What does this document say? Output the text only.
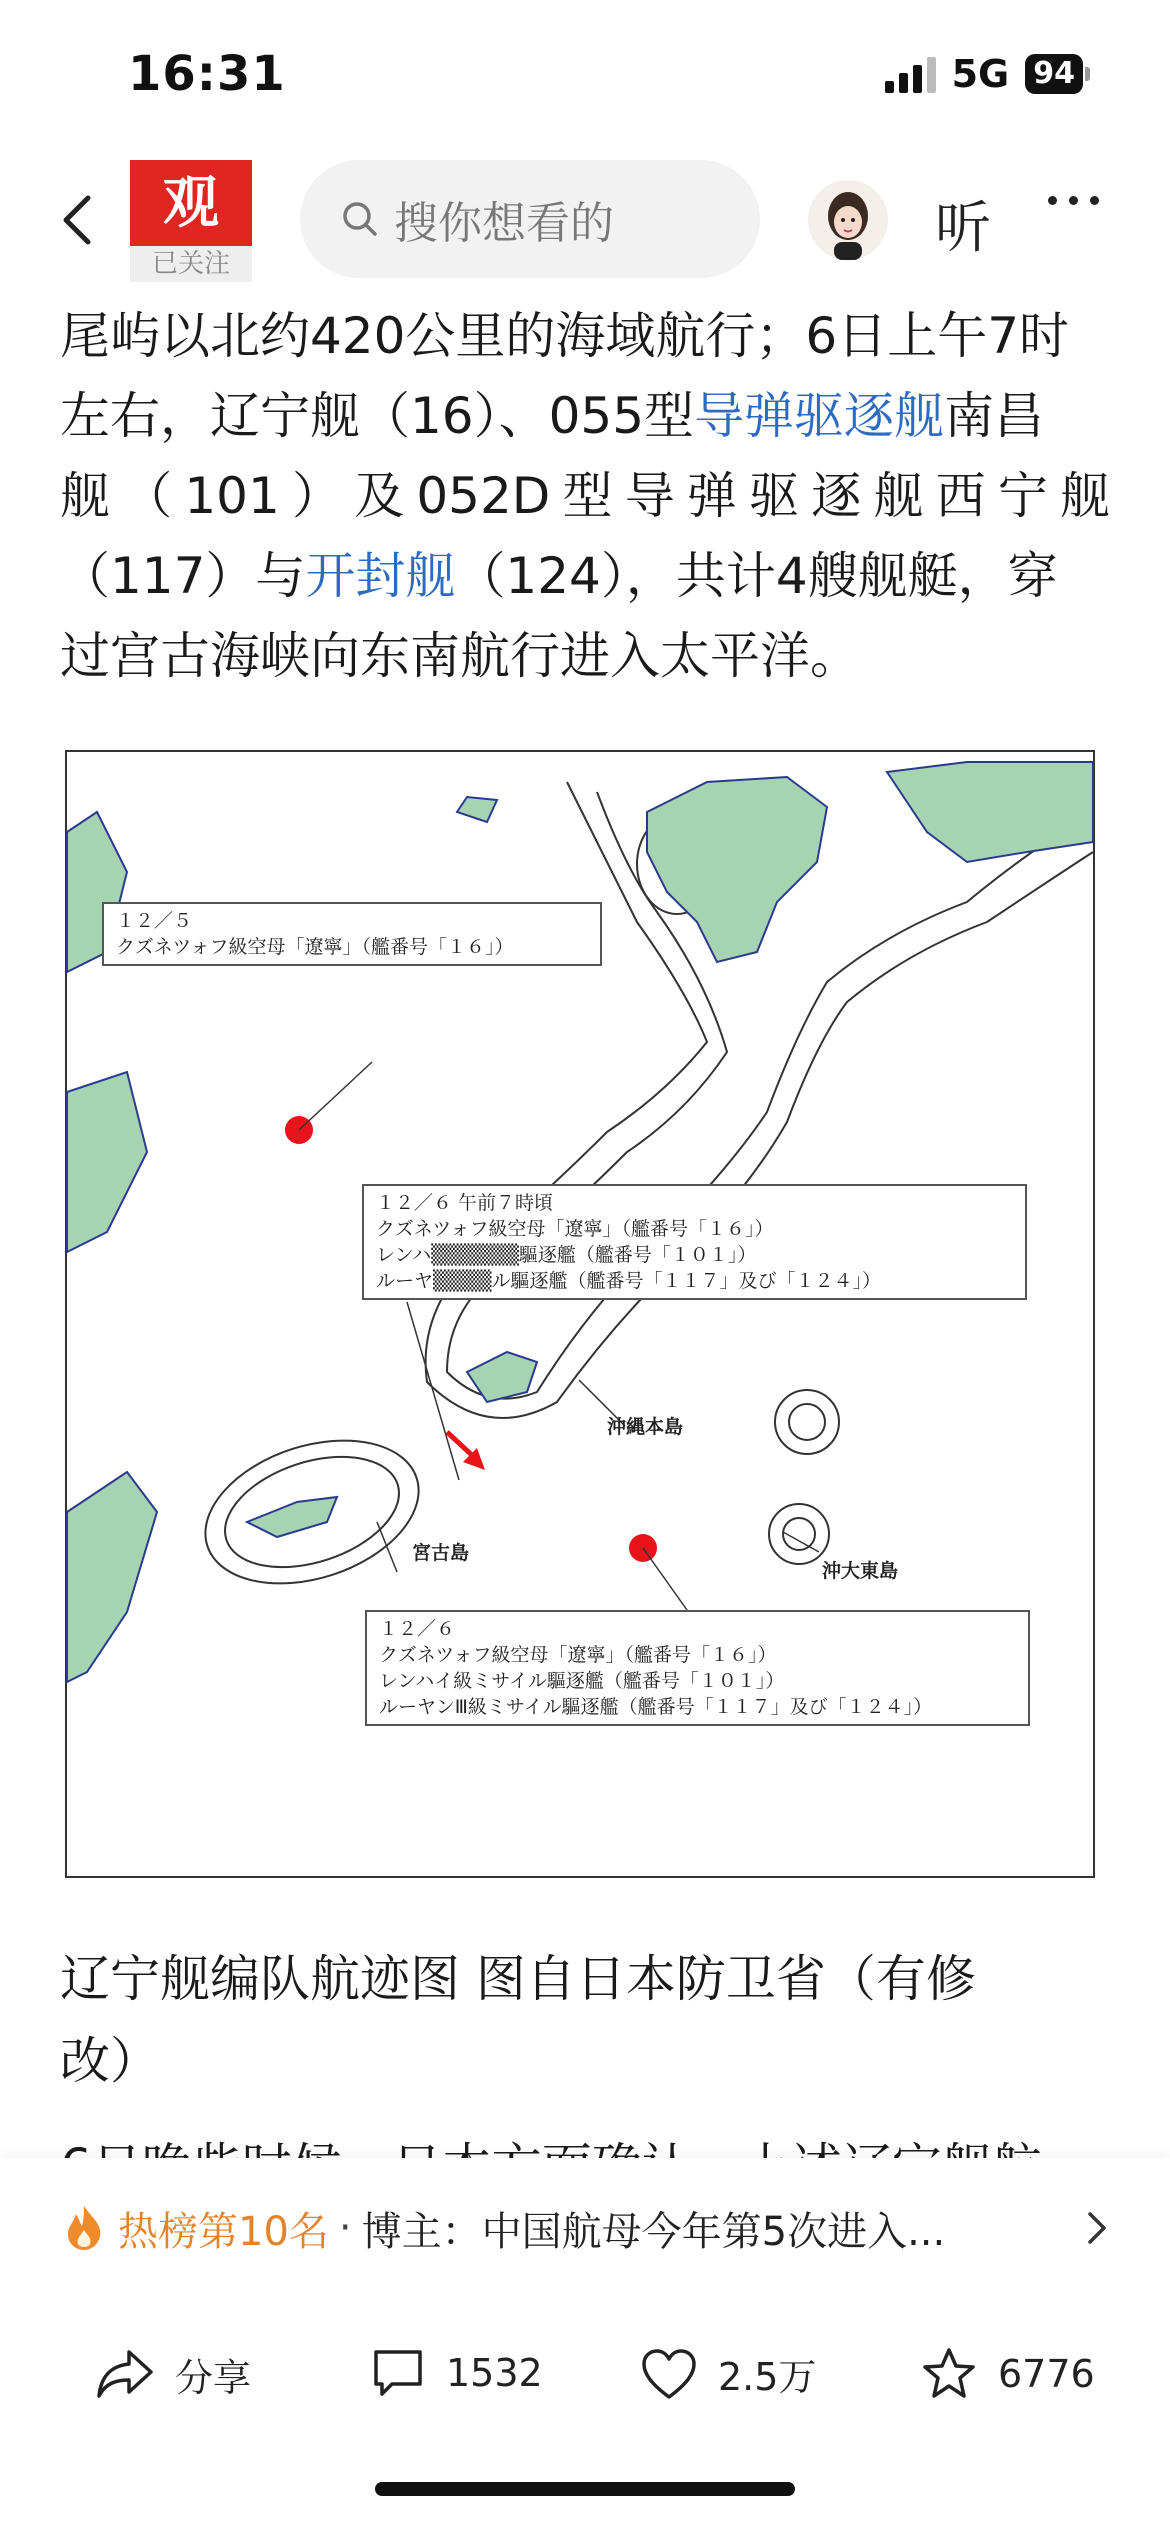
16:31	5G 94
观
已关注
搜你想看的	听
尾屿以北约420公里的海域航行；6日上午7时
左右，辽宁舰（16）、055型导弹驱逐舰南昌
舰 （ 101 ） 及 052D 型 导 弹 驱 逐 舰 西 宁 舰
（117）与开封舰（124），共计4艘舰艇，穿
过宫古海峡向东南航行进入太平洋。
１２／５
クズネツォフ級空母「遼寧」（艦番号「１６」）
１２／６ 午前７時頃
クズネツォフ級空母「遼寧」（艦番号「１６」）
レンハ▒▒▒▒▒▒驅逐艦（艦番号「１０１」）
ルーヤ▒▒▒▒ル驅逐艦（艦番号「１１７」及び「１２４」）
１２／６
クズネツォフ級空母「遼寧」（艦番号「１６」）
レンハイ級ミサイル驅逐艦（艦番号「１０１」）
ルーヤンⅢ級ミサイル驅逐艦（艦番号「１１７」及び「１２４」）
沖縄本島
宮古島
沖大東島
辽宁舰编队航迹图 图自日本防卫省（有修
改）
热榜第10名 · 博主：中国航母今年第5次进入...
分享	1532	2.5万	6776
